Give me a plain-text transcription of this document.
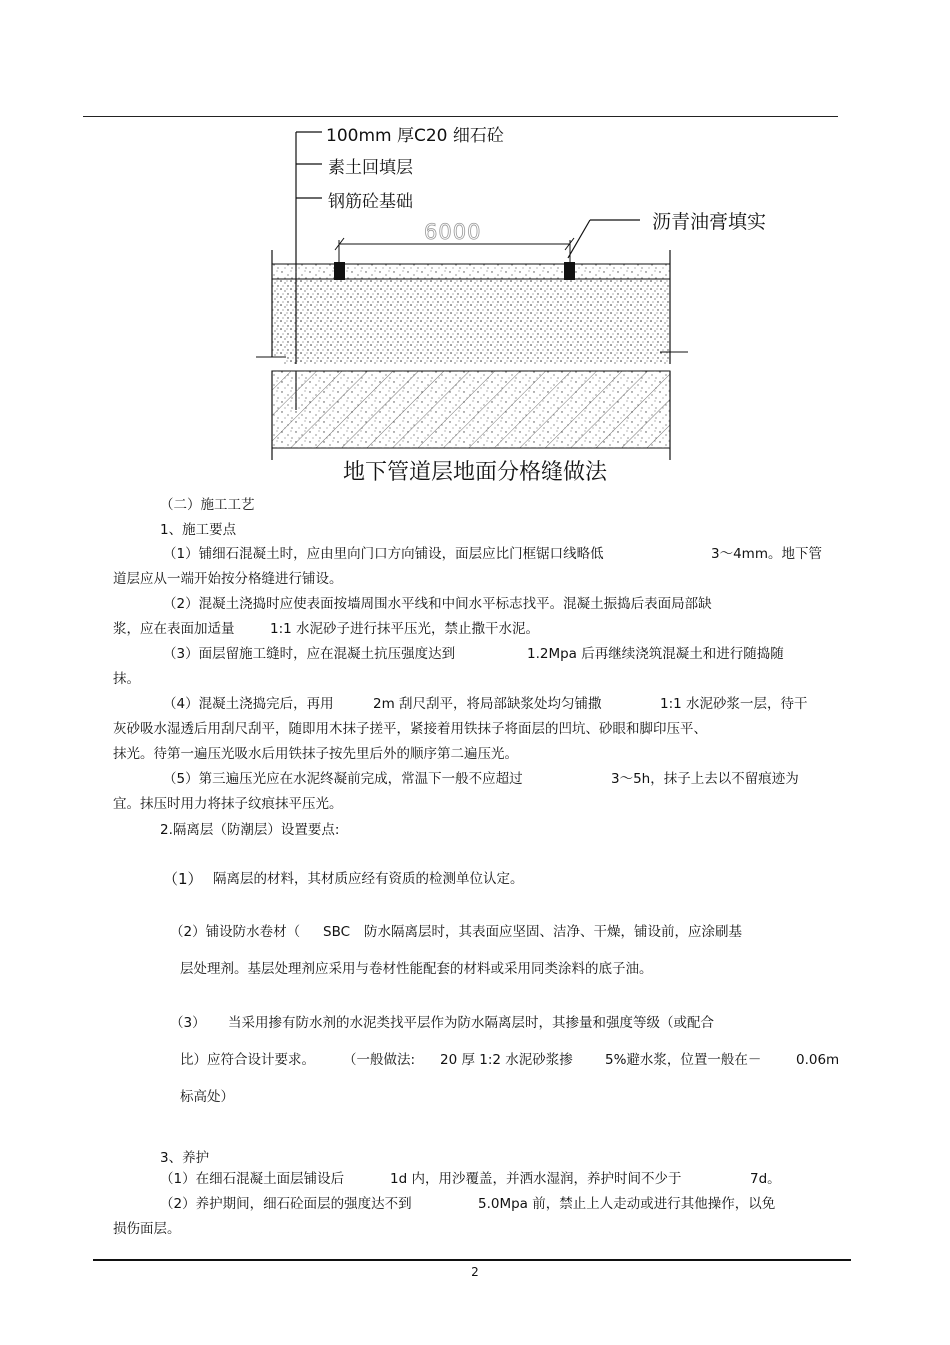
100mm 厚C20 细石砼
素土回填层
钢筋砼基础
沥青油膏填实
6000
地下管道层地面分格缝做法
（二）施工工艺
1、施工要点
（1）铺细石混凝土时，应由里向门口方向铺设，面层应比门框锯口线略低	3～4mm。地下管
道层应从一端开始按分格缝进行铺设。
（2）混凝土浇捣时应使表面按墙周围水平线和中间水平标志找平。混凝土振捣后表面局部缺
浆，应在表面加适量	1:1 水泥砂子进行抹平压光，禁止撒干水泥。
（3）面层留施工缝时，应在混凝土抗压强度达到	1.2Mpa 后再继续浇筑混凝土和进行随捣随
抹。
（4）混凝土浇捣完后，再用	2m 刮尺刮平，将局部缺浆处均匀铺撒	1:1 水泥砂浆一层，待干
灰砂吸水湿透后用刮尺刮平，随即用木抹子搓平，紧接着用铁抹子将面层的凹坑、砂眼和脚印压平、
抹光。待第一遍压光吸水后用铁抹子按先里后外的顺序第二遍压光。
（5）第三遍压光应在水泥终凝前完成，常温下一般不应超过	3～5h，抹子上去以不留痕迹为
宜。抹压时用力将抹子纹痕抹平压光。
2.隔离层（防潮层）设置要点:
（1） 隔离层的材料，其材质应经有资质的检测单位认定。
（2）铺设防水卷材（ SBC 防水隔离层时，其表面应坚固、洁净、干燥，铺设前，应涂刷基
层处理剂。基层处理剂应采用与卷材性能配套的材料或采用同类涂料的底子油。
（3） 当采用掺有防水剂的水泥类找平层作为防水隔离层时，其掺量和强度等级（或配合
比）应符合设计要求。 （一般做法: 20 厚 1:2 水泥砂浆掺 5%避水浆，位置一般在－	0.06m
标高处）
3、养护
（1）在细石混凝土面层铺设后	1d 内，用沙覆盖，并洒水湿润，养护时间不少于	7d。
（2）养护期间，细石砼面层的强度达不到	5.0Mpa 前，禁止上人走动或进行其他操作，以免
损伤面层。
2
